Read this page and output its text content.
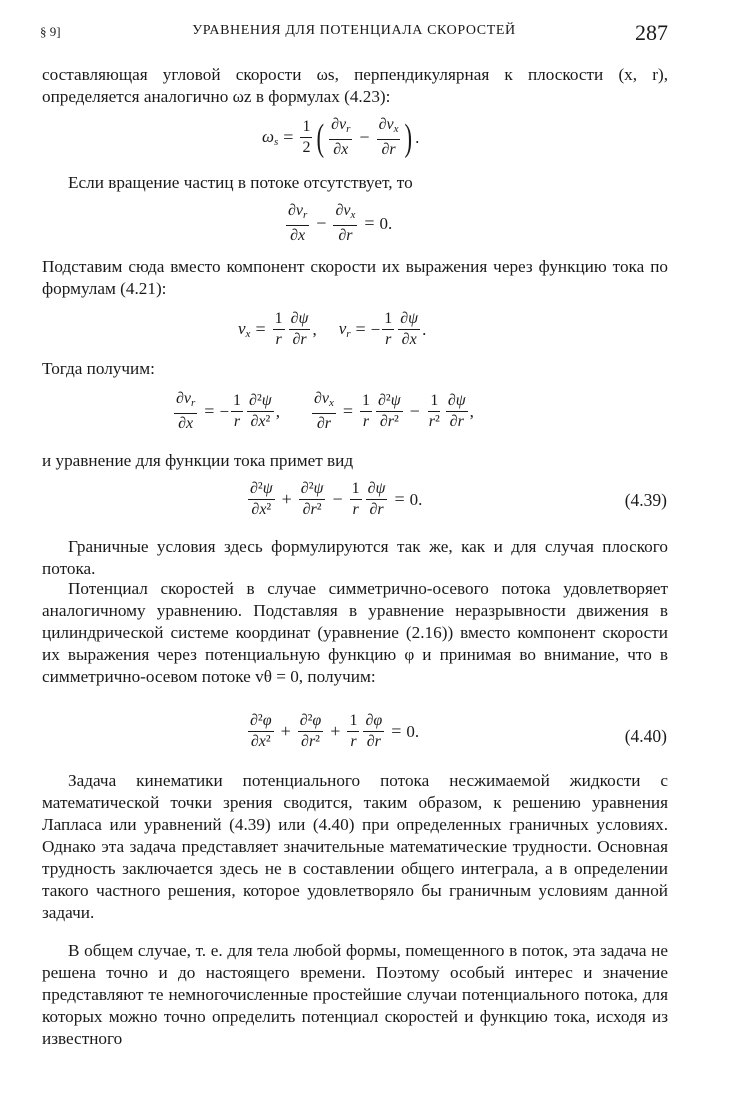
§ 9]	УРАВНЕНИЯ ДЛЯ ПОТЕНЦИАЛА СКОРОСТЕЙ	287
составляющая угловой скорости ωs, перпендикулярная к плоскости (x, r), определяется аналогично ωz в формулах (4.23):
$\omega_s = \frac{1}{2}$ ( $\frac{\partial v_r}{\partial x} - \frac{\partial v_x}{\partial r}$ ) .
Если вращение частиц в потоке отсутствует, то
$\frac{\partial v_r}{\partial x} - \frac{\partial v_x}{\partial r} = 0$.
Подставим сюда вместо компонент скорости их выражения через функцию тока по формулам (4.21):
$v_x = \frac{1}{r} \frac{\partial\psi}{\partial r}$ , $v_r$ = − $\frac{1}{r} \frac{\partial\psi}{\partial x}$ .
Тогда получим:
$\frac{\partial v_r}{\partial x}$ = − $\frac{1}{r} \frac{\text{∂²ψ}}{\text{∂x²}}$ , $\frac{\partial v_x}{\partial r} = \frac{1}{r} \frac{\text{∂²ψ}}{\text{∂r²}} - \frac{1}{\text{r²}} \frac{\partial\psi}{\partial r}$ ,
и уравнение для функции тока примет вид
$\frac{\text{∂²ψ}}{\text{∂x²}} + \frac{\text{∂²ψ}}{\text{∂r²}} - \frac{1}{r} \frac{\partial\psi}{\partial r} = 0$.	(4.39)
Граничные условия здесь формулируются так же, как и для случая плоского потока.
Потенциал скоростей в случае симметрично-осевого потока удовлетворяет аналогичному уравнению. Подставляя в уравнение неразрывности движения в цилиндрической системе координат (уравнение (2.16)) вместо компонент скорости их выражения через потенциальную функцию φ и принимая во внимание, что в симметрично-осевом потоке vθ = 0, получим:
$\frac{\text{∂²φ}}{\text{∂x²}} + \frac{\text{∂²φ}}{\text{∂r²}} + \frac{1}{r} \frac{\partial\varphi}{\partial r} = 0$.	(4.40)
Задача кинематики потенциального потока несжимаемой жидкости с математической точки зрения сводится, таким образом, к решению уравнения Лапласа или уравнений (4.39) или (4.40) при определенных граничных условиях. Однако эта задача представляет значительные математические трудности. Основная трудность заключается здесь не в составлении общего интеграла, а в определении такого частного решения, которое удовлетворяло бы граничным условиям данной задачи.
В общем случае, т. е. для тела любой формы, помещенного в поток, эта задача не решена точно и до настоящего времени. Поэтому особый интерес и значение представляют те немногочисленные простейшие случаи потенциального потока, для которых можно точно определить потенциал скоростей и функцию тока, исходя из известного
